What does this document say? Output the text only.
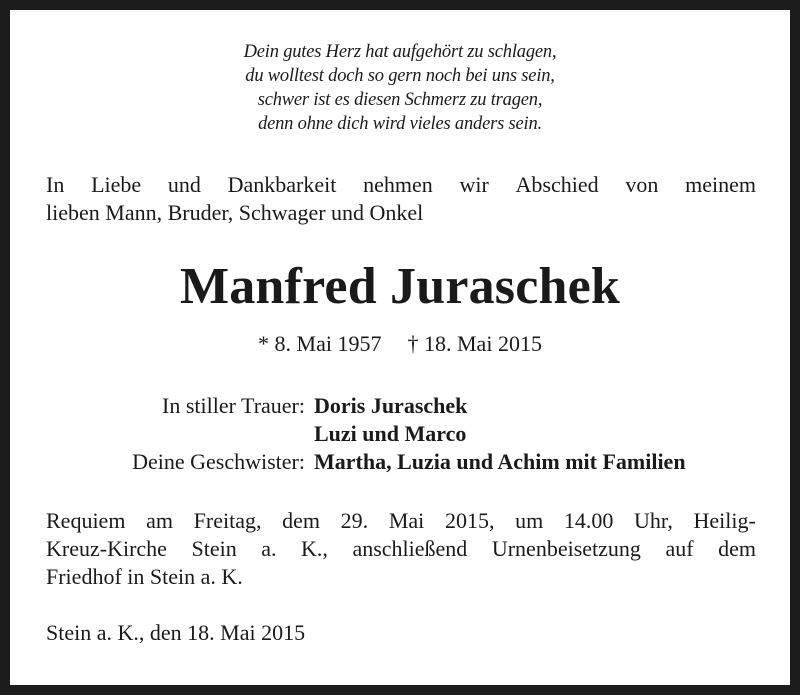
Dein gutes Herz hat aufgehört zu schlagen,
du wolltest doch so gern noch bei uns sein,
schwer ist es diesen Schmerz zu tragen,
denn ohne dich wird vieles anders sein.
In Liebe und Dankbarkeit nehmen wir Abschied von meinem
lieben Mann, Bruder, Schwager und Onkel
Manfred Juraschek
* 8. Mai 1957 † 18. Mai 2015
In stiller Trauer: Doris Juraschek
Luzi und Marco
Deine Geschwister: Martha, Luzia und Achim mit Familien
Requiem am Freitag, dem 29. Mai 2015, um 14.00 Uhr, Heilig-
Kreuz-Kirche Stein a. K., anschließend Urnenbeisetzung auf dem
Friedhof in Stein a. K.
Stein a. K., den 18. Mai 2015
